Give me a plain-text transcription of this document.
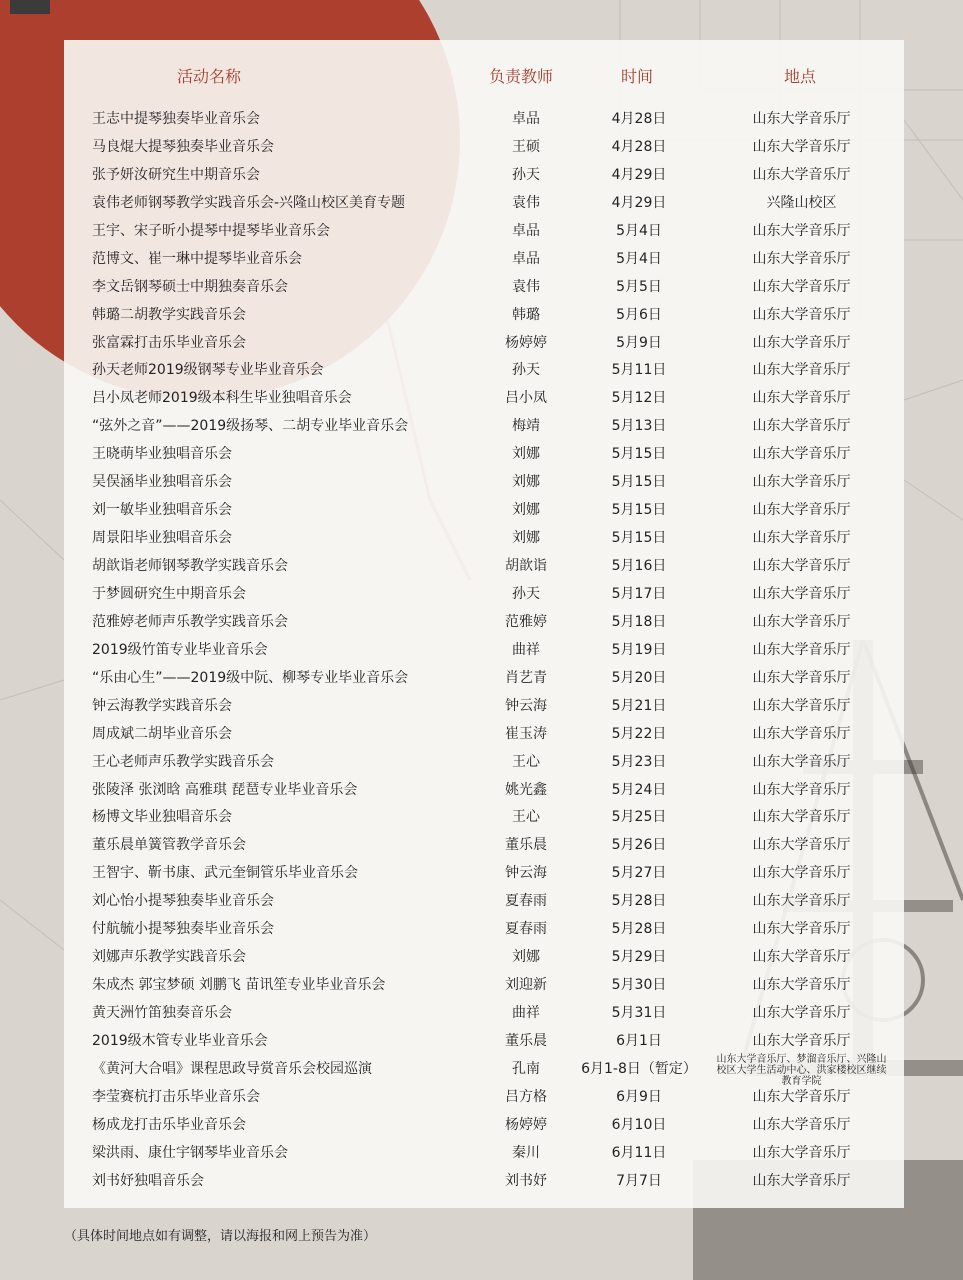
活动名称	负责教师	时间	地点
王志中提琴独奏毕业音乐会	卓品	4月28日	山东大学音乐厅
马良焜大提琴独奏毕业音乐会	王硕	4月28日	山东大学音乐厅
张予妍汝研究生中期音乐会	孙天	4月29日	山东大学音乐厅
袁伟老师钢琴教学实践音乐会-兴隆山校区美育专题	袁伟	4月29日	兴隆山校区
王宇、宋子昕小提琴中提琴毕业音乐会	卓品	5月4日	山东大学音乐厅
范博文、崔一琳中提琴毕业音乐会	卓品	5月4日	山东大学音乐厅
李文岳钢琴硕士中期独奏音乐会	袁伟	5月5日	山东大学音乐厅
韩璐二胡教学实践音乐会	韩璐	5月6日	山东大学音乐厅
张富霖打击乐毕业音乐会	杨婷婷	5月9日	山东大学音乐厅
孙天老师2019级钢琴专业毕业音乐会	孙天	5月11日	山东大学音乐厅
吕小凤老师2019级本科生毕业独唱音乐会	吕小凤	5月12日	山东大学音乐厅
“弦外之音”——2019级扬琴、二胡专业毕业音乐会	梅靖	5月13日	山东大学音乐厅
王晓萌毕业独唱音乐会	刘娜	5月15日	山东大学音乐厅
吴俣涵毕业独唱音乐会	刘娜	5月15日	山东大学音乐厅
刘一敏毕业独唱音乐会	刘娜	5月15日	山东大学音乐厅
周景阳毕业独唱音乐会	刘娜	5月15日	山东大学音乐厅
胡歆诣老师钢琴教学实践音乐会	胡歆诣	5月16日	山东大学音乐厅
于梦圆研究生中期音乐会	孙天	5月17日	山东大学音乐厅
范雅婷老师声乐教学实践音乐会	范雅婷	5月18日	山东大学音乐厅
2019级竹笛专业毕业音乐会	曲祥	5月19日	山东大学音乐厅
“乐由心生”——2019级中阮、柳琴专业毕业音乐会	肖艺青	5月20日	山东大学音乐厅
钟云海教学实践音乐会	钟云海	5月21日	山东大学音乐厅
周成斌二胡毕业音乐会	崔玉涛	5月22日	山东大学音乐厅
王心老师声乐教学实践音乐会	王心	5月23日	山东大学音乐厅
张陵泽 张浏晗 高雅琪 琵琶专业毕业音乐会	姚光鑫	5月24日	山东大学音乐厅
杨博文毕业独唱音乐会	王心	5月25日	山东大学音乐厅
董乐晨单簧管教学音乐会	董乐晨	5月26日	山东大学音乐厅
王智宇、靳书康、武元奎铜管乐毕业音乐会	钟云海	5月27日	山东大学音乐厅
刘心怡小提琴独奏毕业音乐会	夏春雨	5月28日	山东大学音乐厅
付航毓小提琴独奏毕业音乐会	夏春雨	5月28日	山东大学音乐厅
刘娜声乐教学实践音乐会	刘娜	5月29日	山东大学音乐厅
朱成杰 郭宝梦硕 刘鹏飞 苗讯笙专业毕业音乐会	刘迎新	5月30日	山东大学音乐厅
黄天洲竹笛独奏音乐会	曲祥	5月31日	山东大学音乐厅
2019级木管专业毕业音乐会	董乐晨	6月1日	山东大学音乐厅
《黄河大合唱》课程思政导赏音乐会校园巡演	孔南	6月1-8日（暂定）
山东大学音乐厅、梦溜音乐厅、兴隆山校区大学生活动中心、洪家楼校区继续教育学院
李莹赛杭打击乐毕业音乐会	吕方格	6月9日	山东大学音乐厅
杨成龙打击乐毕业音乐会	杨婷婷	6月10日	山东大学音乐厅
梁洪雨、康仕宇钢琴毕业音乐会	秦川	6月11日	山东大学音乐厅
刘书妤独唱音乐会	刘书妤	7月7日	山东大学音乐厅
（具体时间地点如有调整，请以海报和网上预告为准）
